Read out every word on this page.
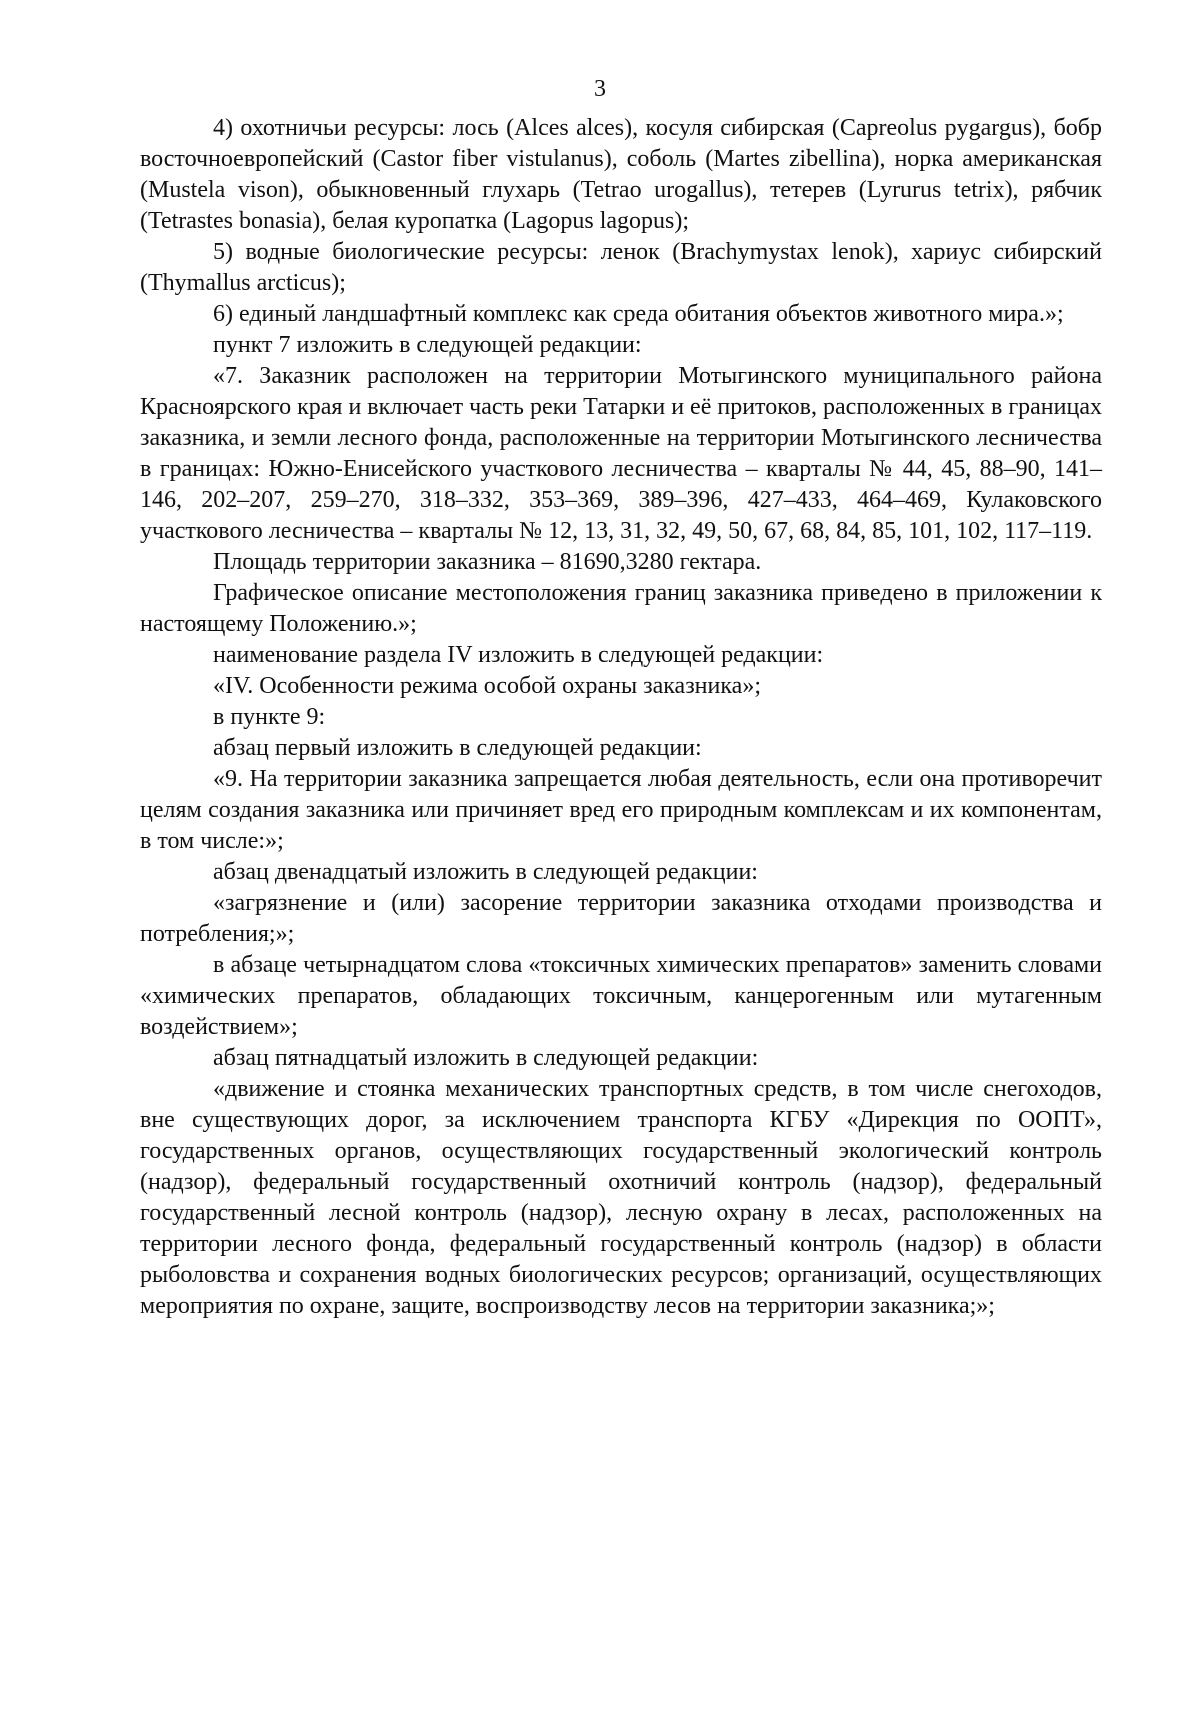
3

4) охотничьи ресурсы: лось (Alces alces), косуля сибирская (Capreolus pygargus), бобр восточноевропейский (Castor fiber vistulanus), соболь (Martes zibellina), норка американская (Mustela vison), обыкновенный глухарь (Tetrao urogallus), тетерев (Lyrurus tetrix), рябчик (Tetrastes bonasia), белая куропатка (Lagopus lagopus);

5) водные биологические ресурсы: ленок (Brachymystax lenok), хариус сибирский (Thymallus arcticus);

6) единый ландшафтный комплекс как среда обитания объектов животного мира.»;

пункт 7 изложить в следующей редакции:

«7. Заказник расположен на территории Мотыгинского муниципального района Красноярского края и включает часть реки Татарки и её притоков, расположенных в границах заказника, и земли лесного фонда, расположенные на территории Мотыгинского лесничества в границах: Южно-Енисейского участкового лесничества – кварталы № 44, 45, 88–90, 141–146, 202–207, 259–270, 318–332, 353–369, 389–396, 427–433, 464–469, Кулаковского участкового лесничества – кварталы № 12, 13, 31, 32, 49, 50, 67, 68, 84, 85, 101, 102, 117–119.

Площадь территории заказника – 81690,3280 гектара.

Графическое описание местоположения границ заказника приведено в приложении к настоящему Положению.»;

наименование раздела IV изложить в следующей редакции:

«IV. Особенности режима особой охраны заказника»;

в пункте 9:

абзац первый изложить в следующей редакции:

«9. На территории заказника запрещается любая деятельность, если она противоречит целям создания заказника или причиняет вред его природным комплексам и их компонентам, в том числе:»;

абзац двенадцатый изложить в следующей редакции:

«загрязнение и (или) засорение территории заказника отходами производства и потребления;»;

в абзаце четырнадцатом слова «токсичных химических препаратов» заменить словами «химических препаратов, обладающих токсичным, канцерогенным или мутагенным воздействием»;

абзац пятнадцатый изложить в следующей редакции:

«движение и стоянка механических транспортных средств, в том числе снегоходов, вне существующих дорог, за исключением транспорта КГБУ «Дирекция по ООПТ», государственных органов, осуществляющих государственный экологический контроль (надзор), федеральный государственный охотничий контроль (надзор), федеральный государственный лесной контроль (надзор), лесную охрану в лесах, расположенных на территории лесного фонда, федеральный государственный контроль (надзор) в области рыболовства и сохранения водных биологических ресурсов; организаций, осуществляющих мероприятия по охране, защите, воспроизводству лесов на территории заказника;»;
